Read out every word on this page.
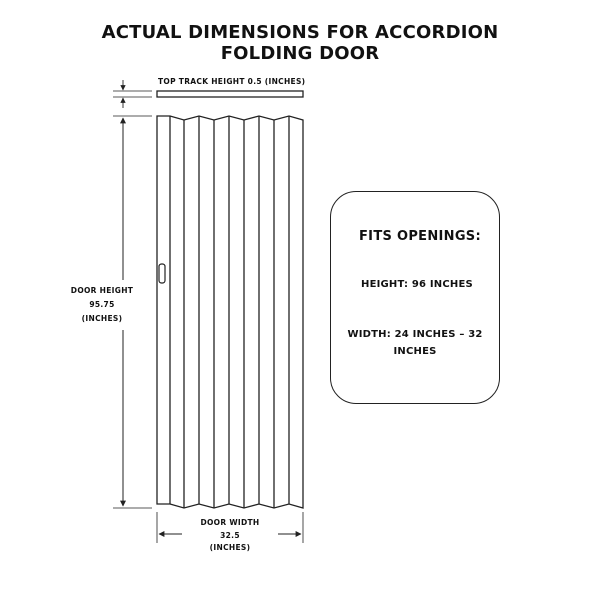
ACTUAL DIMENSIONS FOR ACCORDION
FOLDING DOOR
TOP TRACK HEIGHT 0.5 (INCHES)
DOOR HEIGHT
95.75
(INCHES)
DOOR WIDTH
32.5
(INCHES)
FITS OPENINGS:
HEIGHT: 96 INCHES
WIDTH: 24 INCHES – 32
INCHES
